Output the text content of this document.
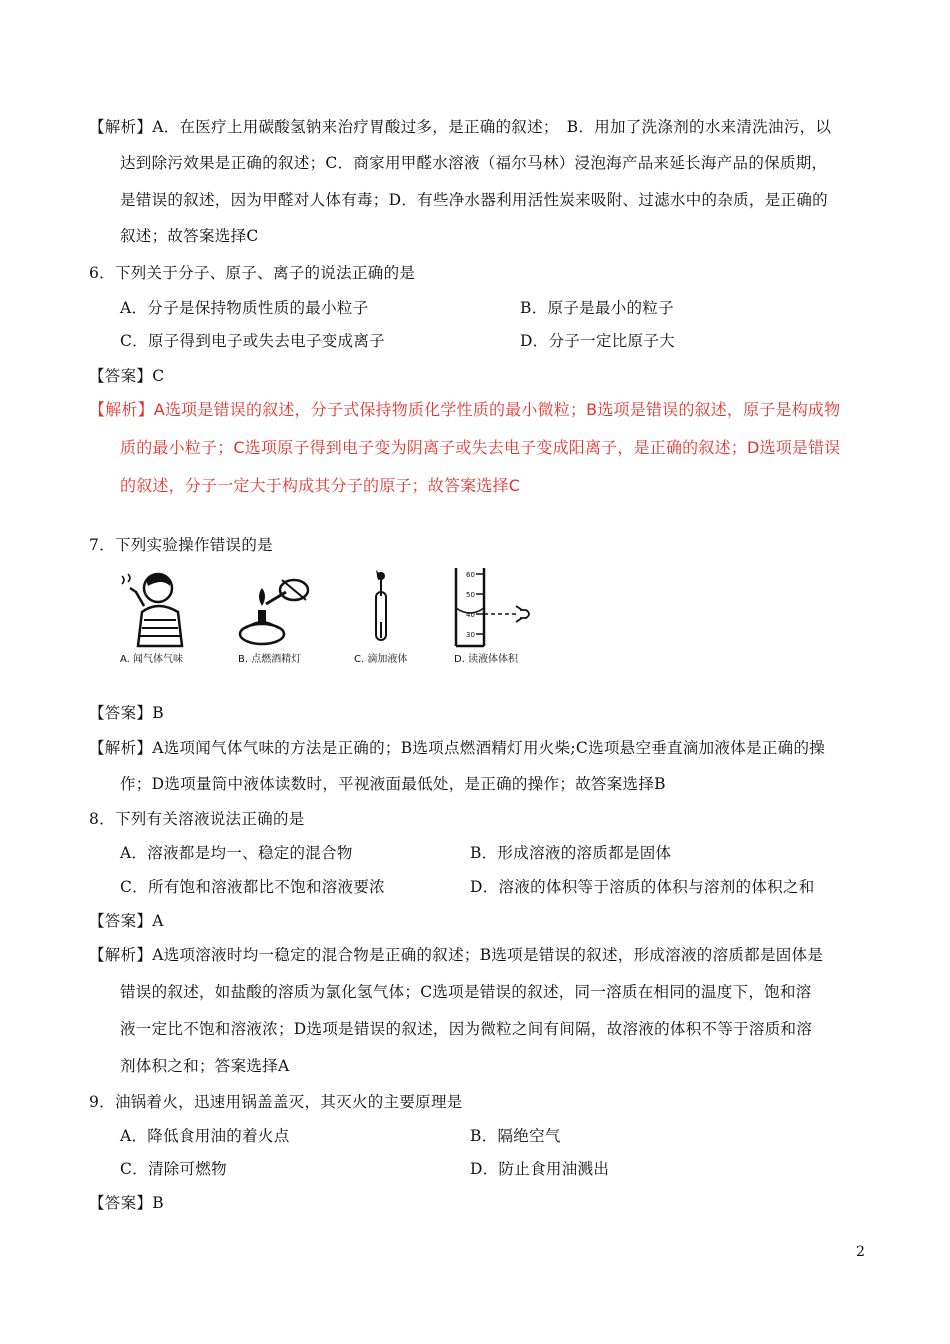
【解析】A．在医疗上用碳酸氢钠来治疗胃酸过多，是正确的叙述；　B．用加了洗涤剂的水来清洗油污，以
达到除污效果是正确的叙述；C．商家用甲醛水溶液（福尔马林）浸泡海产品来延长海产品的保质期，
是错误的叙述，因为甲醛对人体有毒；D．有些净水器利用活性炭来吸附、过滤水中的杂质，是正确的
叙述；故答案选择C
6．下列关于分子、原子、离子的说法正确的是
A．分子是保持物质性质的最小粒子	B．原子是最小的粒子
C．原子得到电子或失去电子变成离子	D．分子一定比原子大
【答案】C
【解析】A选项是错误的叙述，分子式保持物质化学性质的最小微粒；B选项是错误的叙述，原子是构成物
质的最小粒子；C选项原子得到电子变为阴离子或失去电子变成阳离子，是正确的叙述；D选项是错误
的叙述，分子一定大于构成其分子的原子；故答案选择C
7．下列实验操作错误的是
A. 闻气体气味	B. 点燃酒精灯	C. 滴加液体
60
50
40
30
D. 读液体体积
【答案】B
【解析】A选项闻气体气味的方法是正确的；B选项点燃酒精灯用火柴;C选项悬空垂直滴加液体是正确的操
作；D选项量筒中液体读数时，平视液面最低处，是正确的操作；故答案选择B
8．下列有关溶液说法正确的是
A．溶液都是均一、稳定的混合物	B．形成溶液的溶质都是固体
C．所有饱和溶液都比不饱和溶液要浓	D．溶液的体积等于溶质的体积与溶剂的体积之和
【答案】A
【解析】A选项溶液时均一稳定的混合物是正确的叙述；B选项是错误的叙述，形成溶液的溶质都是固体是
错误的叙述，如盐酸的溶质为氯化氢气体；C选项是错误的叙述，同一溶质在相同的温度下，饱和溶
液一定比不饱和溶液浓；D选项是错误的叙述，因为微粒之间有间隔，故溶液的体积不等于溶质和溶
剂体积之和；答案选择A
9．油锅着火，迅速用锅盖盖灭，其灭火的主要原理是
A．降低食用油的着火点	B．隔绝空气
C．清除可燃物	D．防止食用油溅出
【答案】B
2
